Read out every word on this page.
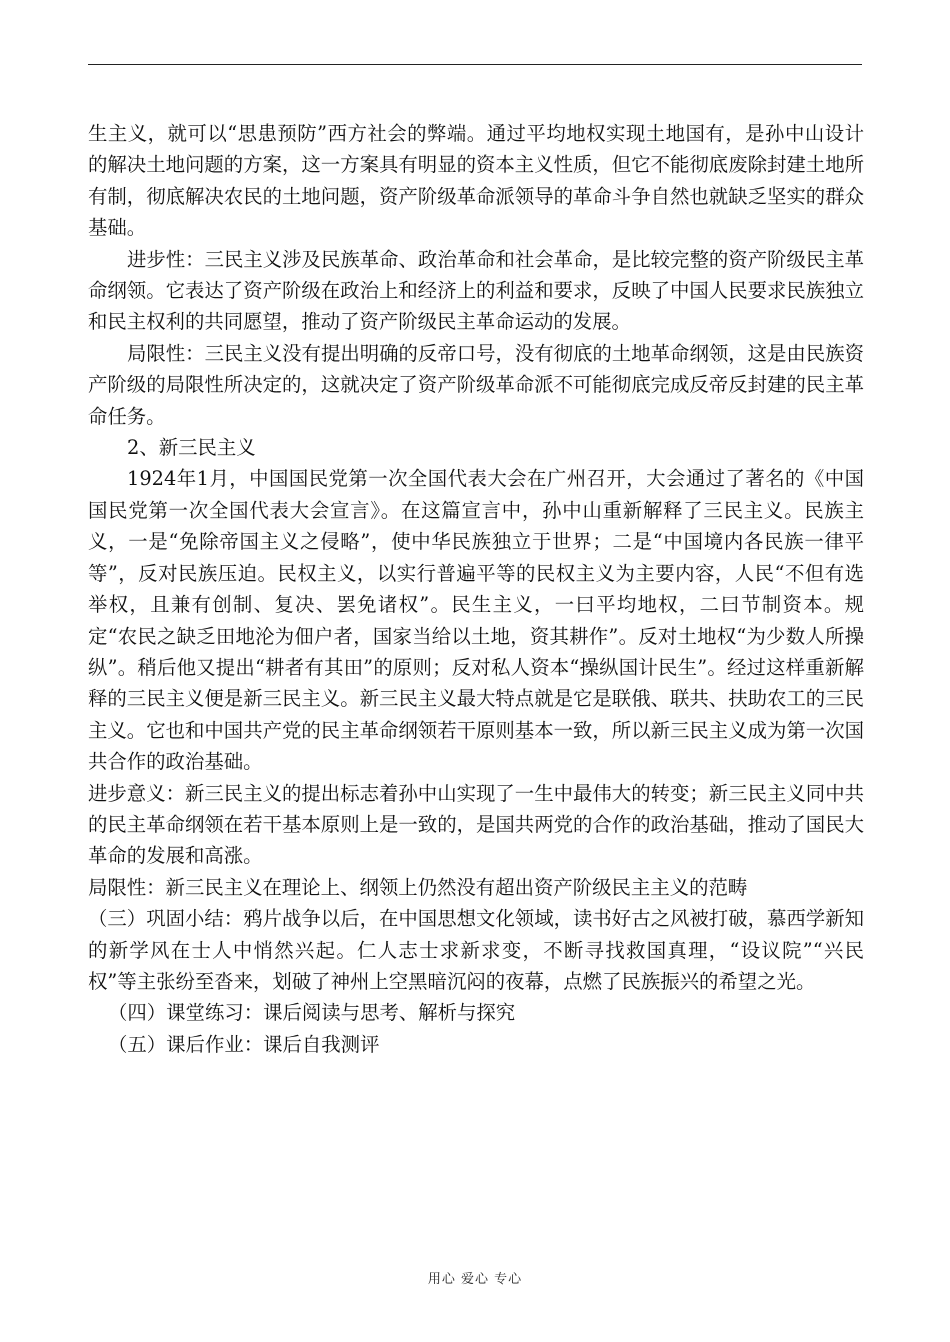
生主义，就可以“思患预防”西方社会的弊端。通过平均地权实现土地国有，是孙中山设计的解决土地问题的方案，这一方案具有明显的资本主义性质，但它不能彻底废除封建土地所有制，彻底解决农民的土地问题，资产阶级革命派领导的革命斗争自然也就缺乏坚实的群众基础。

进步性：三民主义涉及民族革命、政治革命和社会革命，是比较完整的资产阶级民主革命纲领。它表达了资产阶级在政治上和经济上的利益和要求，反映了中国人民要求民族独立和民主权利的共同愿望，推动了资产阶级民主革命运动的发展。

局限性：三民主义没有提出明确的反帝口号，没有彻底的土地革命纲领，这是由民族资产阶级的局限性所决定的，这就决定了资产阶级革命派不可能彻底完成反帝反封建的民主革命任务。

2、新三民主义

1924年1月，中国国民党第一次全国代表大会在广州召开，大会通过了著名的《中国国民党第一次全国代表大会宣言》。在这篇宣言中，孙中山重新解释了三民主义。民族主义，一是“免除帝国主义之侵略”，使中华民族独立于世界；二是“中国境内各民族一律平等”，反对民族压迫。民权主义，以实行普遍平等的民权主义为主要内容，人民“不但有选举权，且兼有创制、复决、罢免诸权”。民生主义，一曰平均地权，二曰节制资本。规定“农民之缺乏田地沦为佃户者，国家当给以土地，资其耕作”。反对土地权“为少数人所操纵”。稍后他又提出“耕者有其田”的原则；反对私人资本“操纵国计民生”。经过这样重新解释的三民主义便是新三民主义。新三民主义最大特点就是它是联俄、联共、扶助农工的三民主义。它也和中国共产党的民主革命纲领若干原则基本一致，所以新三民主义成为第一次国共合作的政治基础。

进步意义：新三民主义的提出标志着孙中山实现了一生中最伟大的转变；新三民主义同中共的民主革命纲领在若干基本原则上是一致的，是国共两党的合作的政治基础，推动了国民大革命的发展和高涨。

局限性：新三民主义在理论上、纲领上仍然没有超出资产阶级民主主义的范畴

（三）巩固小结：鸦片战争以后，在中国思想文化领域，读书好古之风被打破，慕西学新知的新学风在士人中悄然兴起。仁人志士求新求变，不断寻找救国真理，“设议院”“兴民权”等主张纷至沓来，划破了神州上空黑暗沉闷的夜幕，点燃了民族振兴的希望之光。

（四）课堂练习：课后阅读与思考、解析与探究

（五）课后作业：课后自我测评

用心 爱心 专心
